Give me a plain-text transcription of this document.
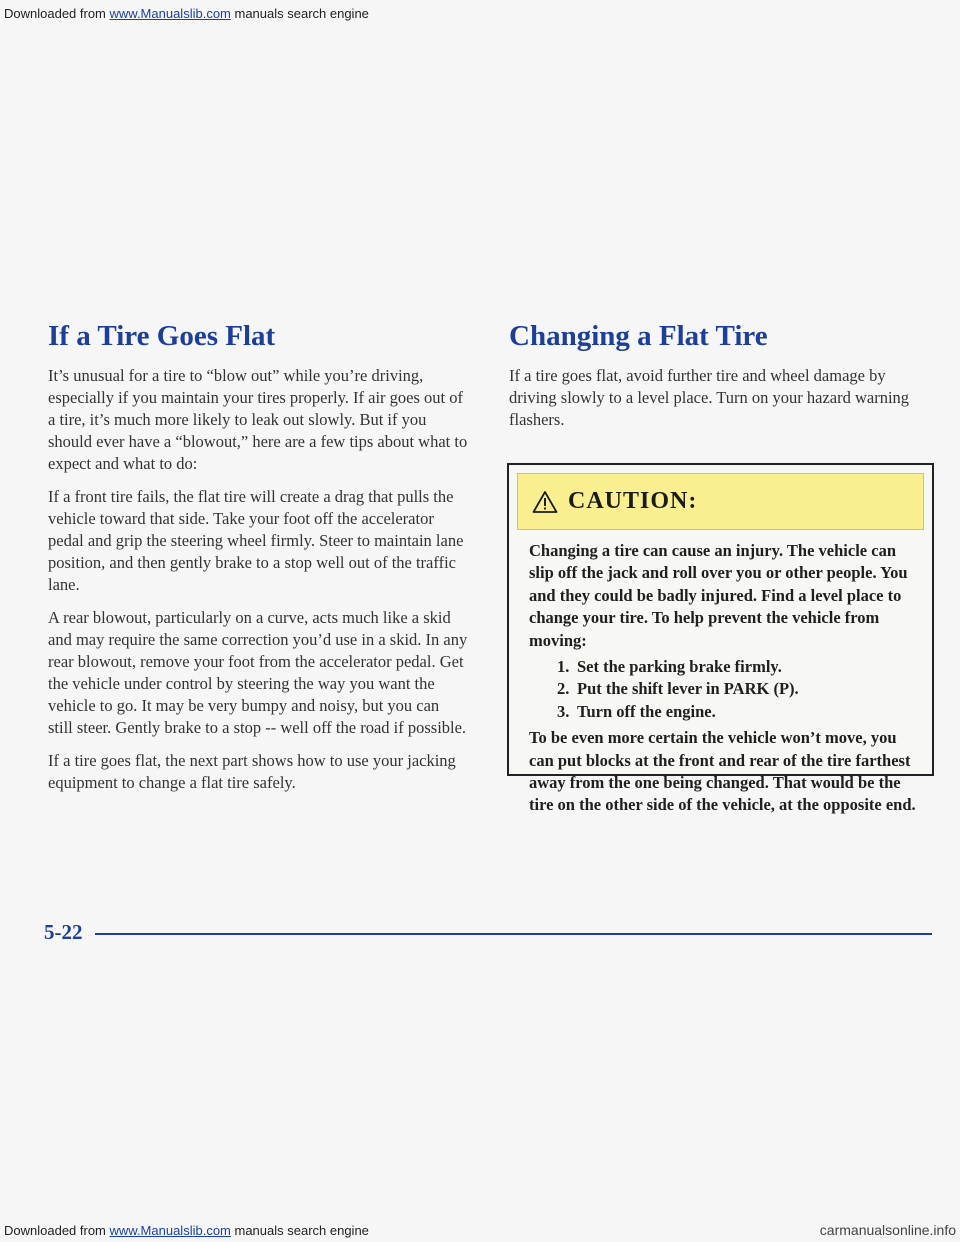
Downloaded from www.Manualslib.com manuals search engine
If a Tire Goes Flat

It’s unusual for a tire to “blow out” while you’re driving, especially if you maintain your tires properly. If air goes out of a tire, it’s much more likely to leak out slowly. But if you should ever have a “blowout,” here are a few tips about what to expect and what to do:

If a front tire fails, the flat tire will create a drag that pulls the vehicle toward that side. Take your foot off the accelerator pedal and grip the steering wheel firmly. Steer to maintain lane position, and then gently brake to a stop well out of the traffic lane.

A rear blowout, particularly on a curve, acts much like a skid and may require the same correction you’d use in a skid. In any rear blowout, remove your foot from the accelerator pedal. Get the vehicle under control by steering the way you want the vehicle to go. It may be very bumpy and noisy, but you can still steer. Gently brake to a stop -- well off the road if possible.

If a tire goes flat, the next part shows how to use your jacking equipment to change a flat tire safely.

Changing a Flat Tire

If a tire goes flat, avoid further tire and wheel damage by driving slowly to a level place. Turn on your hazard warning flashers.

CAUTION:
Changing a tire can cause an injury. The vehicle can slip off the jack and roll over you or other people. You and they could be badly injured. Find a level place to change your tire. To help prevent the vehicle from moving:
1. Set the parking brake firmly.
2. Put the shift lever in PARK (P).
3. Turn off the engine.
To be even more certain the vehicle won’t move, you can put blocks at the front and rear of the tire farthest away from the one being changed. That would be the tire on the other side of the vehicle, at the opposite end.
5-22
Downloaded from www.Manualslib.com manuals search engine	carmanualsonline.info
